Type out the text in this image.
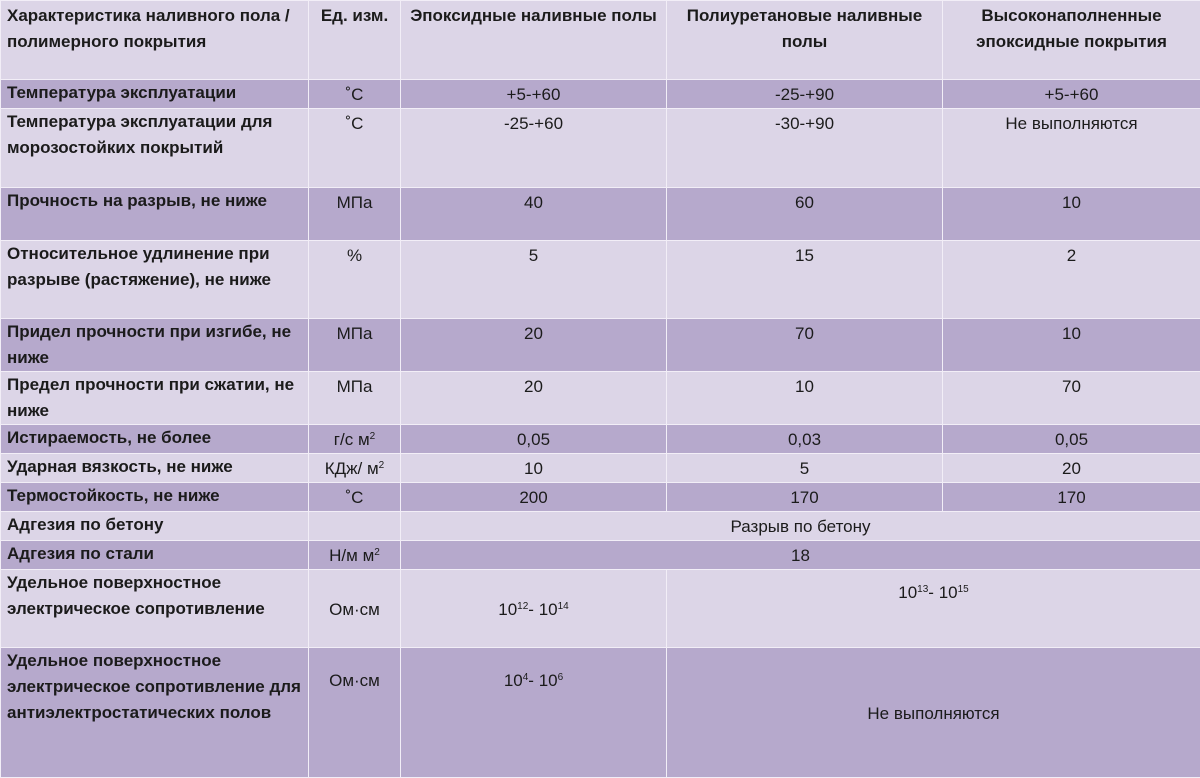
Характеристика наливного пола / полимерного покрытия	Ед. изм.	Эпоксидные наливные полы	Полиуретановые наливные полы	Высоконаполненные эпоксидные покрытия
Температура эксплуатации	˚С	+5-+60	-25-+90	+5-+60
Температура эксплуатации для морозостойких покрытий	˚С	-25-+60	-30-+90	Не выполняются
Прочность на разрыв, не ниже	МПа	40	60	10
Относительное удлинение при разрыве (растяжение), не ниже	%	5	15	2
Придел прочности при изгибе, не ниже	МПа	20	70	10
Предел прочности при сжатии, не ниже	МПа	20	10	70
Истираемость, не более	г/с $м^2$	0,05	0,03	0,05
Ударная вязкость, не ниже	КДж/ $м^2$	10	5	20
Термостойкость, не ниже	˚С	200	170	170
Адгезия по бетону		Разрыв по бетону		
Адгезия по стали	Н/м $м^2$	18		
Удельное поверхностное электрическое сопротивление	Ом·см	$10^{12}-$ $10^{14}$	$10^{13}-$ $10^{15}$
Удельное поверхностное электрическое сопротивление для антиэлектростатических полов	Ом·см	$10^4-$ $10^6$	Не выполняются	
